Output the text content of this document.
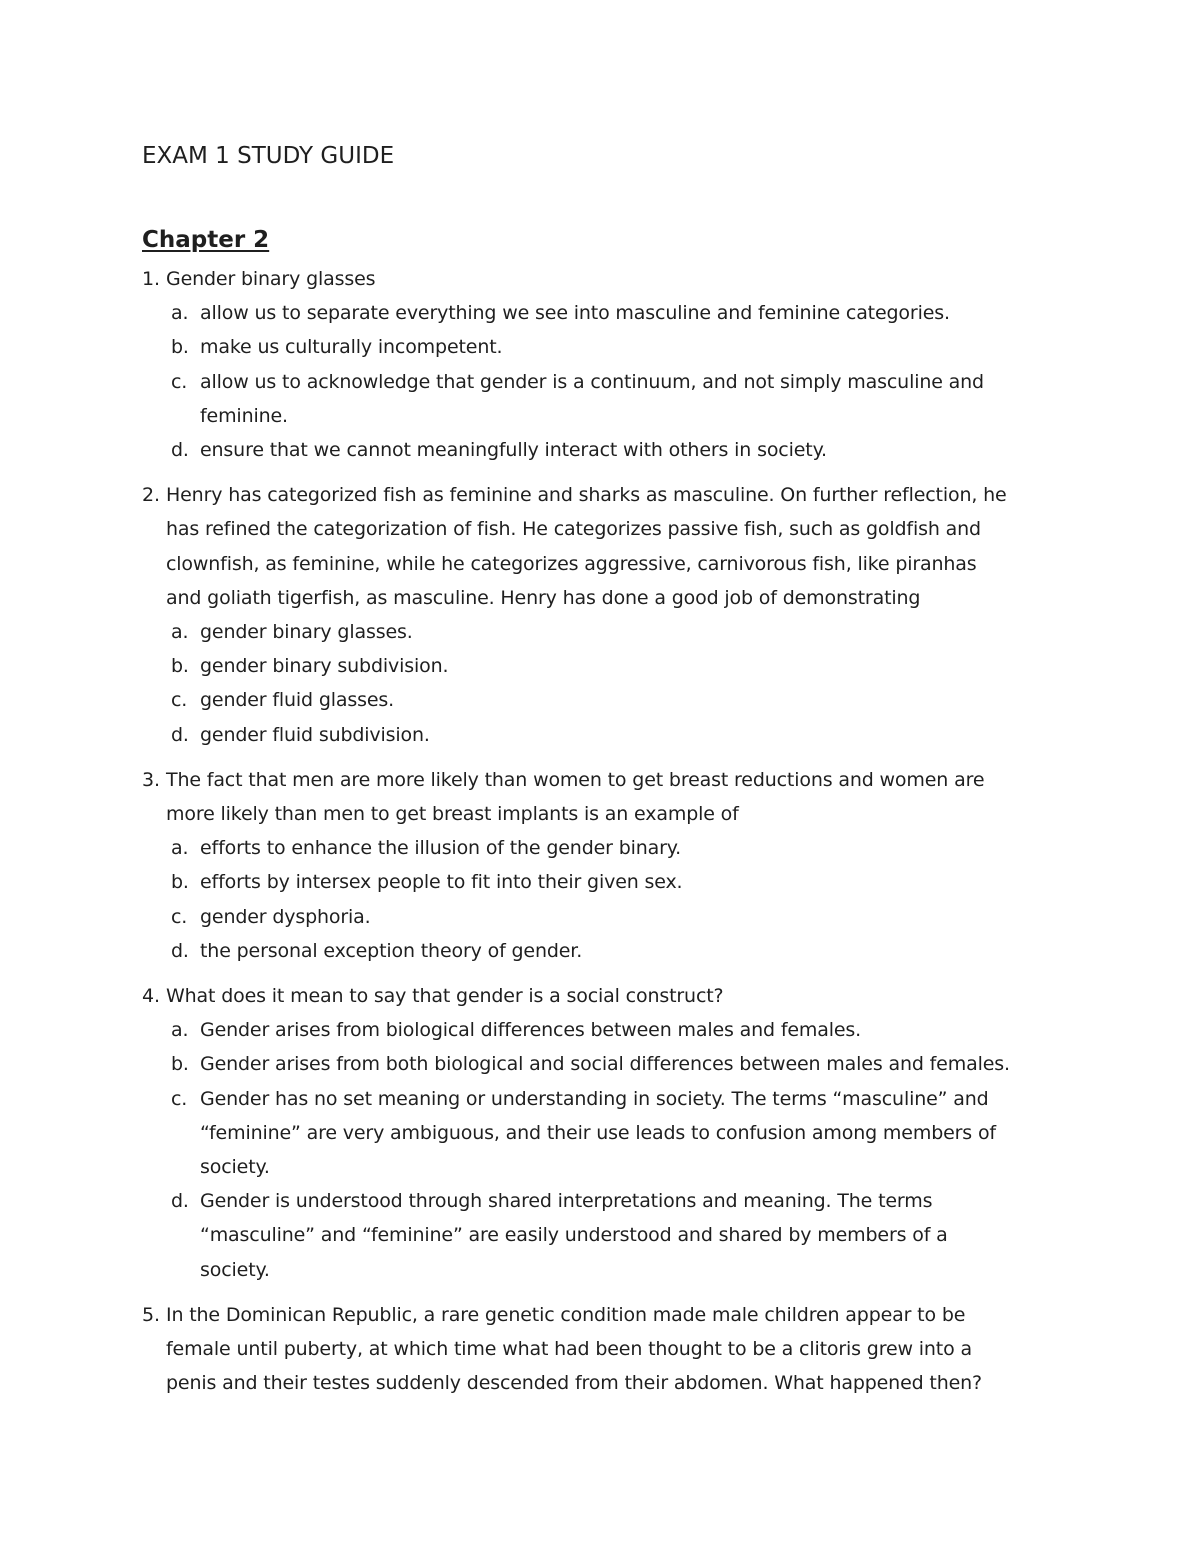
EXAM 1 STUDY GUIDE
Chapter 2
1. Gender binary glasses
a. allow us to separate everything we see into masculine and feminine categories.
b. make us culturally incompetent.
c. allow us to acknowledge that gender is a continuum, and not simply masculine and
feminine.
d. ensure that we cannot meaningfully interact with others in society.
2. Henry has categorized fish as feminine and sharks as masculine. On further reflection, he
has refined the categorization of fish. He categorizes passive fish, such as goldfish and
clownfish, as feminine, while he categorizes aggressive, carnivorous fish, like piranhas
and goliath tigerfish, as masculine. Henry has done a good job of demonstrating
a. gender binary glasses.
b. gender binary subdivision.
c. gender fluid glasses.
d. gender fluid subdivision.
3. The fact that men are more likely than women to get breast reductions and women are
more likely than men to get breast implants is an example of
a. efforts to enhance the illusion of the gender binary.
b. efforts by intersex people to fit into their given sex.
c. gender dysphoria.
d. the personal exception theory of gender.
4. What does it mean to say that gender is a social construct?
a. Gender arises from biological differences between males and females.
b. Gender arises from both biological and social differences between males and females.
c. Gender has no set meaning or understanding in society. The terms “masculine” and
“feminine” are very ambiguous, and their use leads to confusion among members of
society.
d. Gender is understood through shared interpretations and meaning. The terms
“masculine” and “feminine” are easily understood and shared by members of a
society.
5. In the Dominican Republic, a rare genetic condition made male children appear to be
female until puberty, at which time what had been thought to be a clitoris grew into a
penis and their testes suddenly descended from their abdomen. What happened then?
